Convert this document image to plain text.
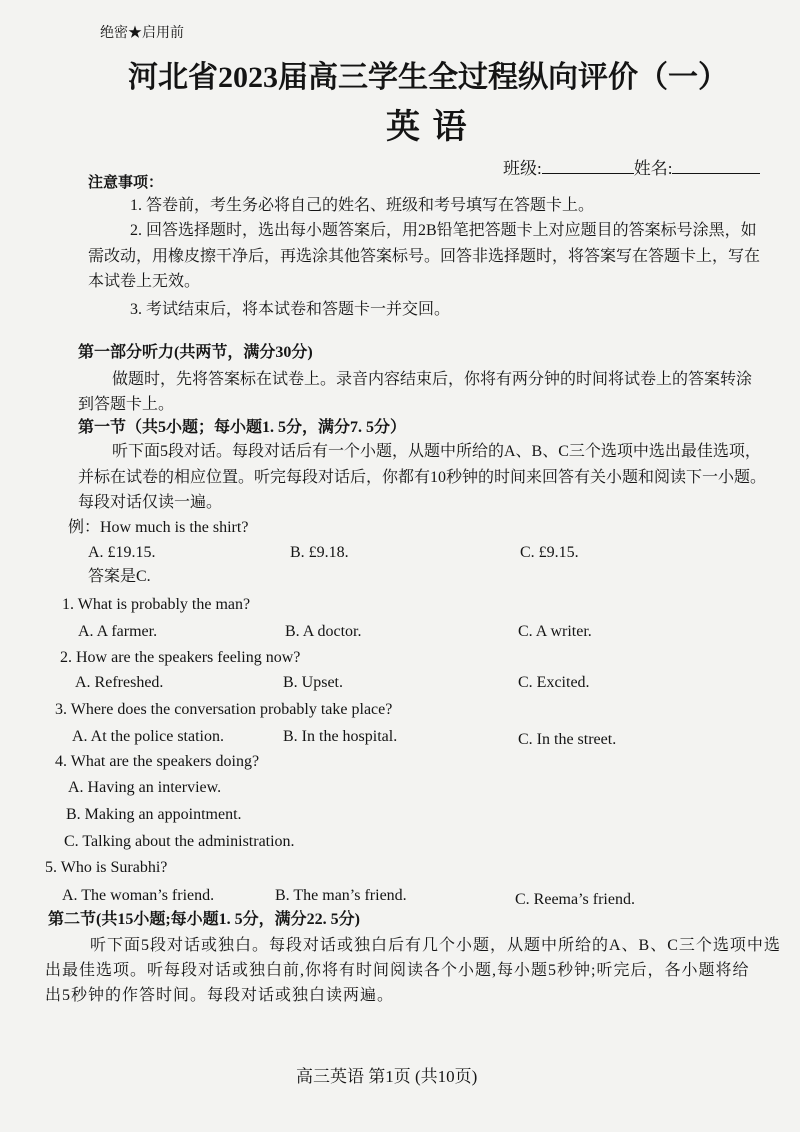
绝密★启用前
河北省2023届高三学生全过程纵向评价（一）
英 语
班级:	姓名:
注意事项：
1. 答卷前，考生务必将自己的姓名、班级和考号填写在答题卡上。
2. 回答选择题时，选出每小题答案后，用2B铅笔把答题卡上对应题目的答案标号涂黑，如
需改动，用橡皮擦干净后，再选涂其他答案标号。回答非选择题时，将答案写在答题卡上，写在
本试卷上无效。
3. 考试结束后，将本试卷和答题卡一并交回。
第一部分听力(共两节，满分30分)
做题时，先将答案标在试卷上。录音内容结束后，你将有两分钟的时间将试卷上的答案转涂
到答题卡上。
第一节（共5小题；每小题1. 5分，满分7. 5分）
听下面5段对话。每段对话后有一个小题，从题中所给的A、B、C三个选项中选出最佳选项，
并标在试卷的相应位置。听完每段对话后，你都有10秒钟的时间来回答有关小题和阅读下一小题。
每段对话仅读一遍。
例：How much is the shirt?
A. £19.15.	B. £9.18.	C. £9.15.
答案是C.
1. What is probably the man?
A. A farmer.	B. A doctor.	C. A writer.
2. How are the speakers feeling now?
A. Refreshed.	B. Upset.	C. Excited.
3. Where does the conversation probably take place?
A. At the police station.	B. In the hospital.	C. In the street.
4. What are the speakers doing?
A. Having an interview.
B. Making an appointment.
C. Talking about the administration.
5. Who is Surabhi?
A. The woman’s friend.	B. The man’s friend.	C. Reema’s friend.
第二节(共15小题;每小题1. 5分，满分22. 5分)
听下面5段对话或独白。每段对话或独白后有几个小题，从题中所给的A、B、C三个选项中选
出最佳选项。听每段对话或独白前,你将有时间阅读各个小题,每小题5秒钟;听完后，各小题将给
出5秒钟的作答时间。每段对话或独白读两遍。
高三英语 第1页 (共10页)
